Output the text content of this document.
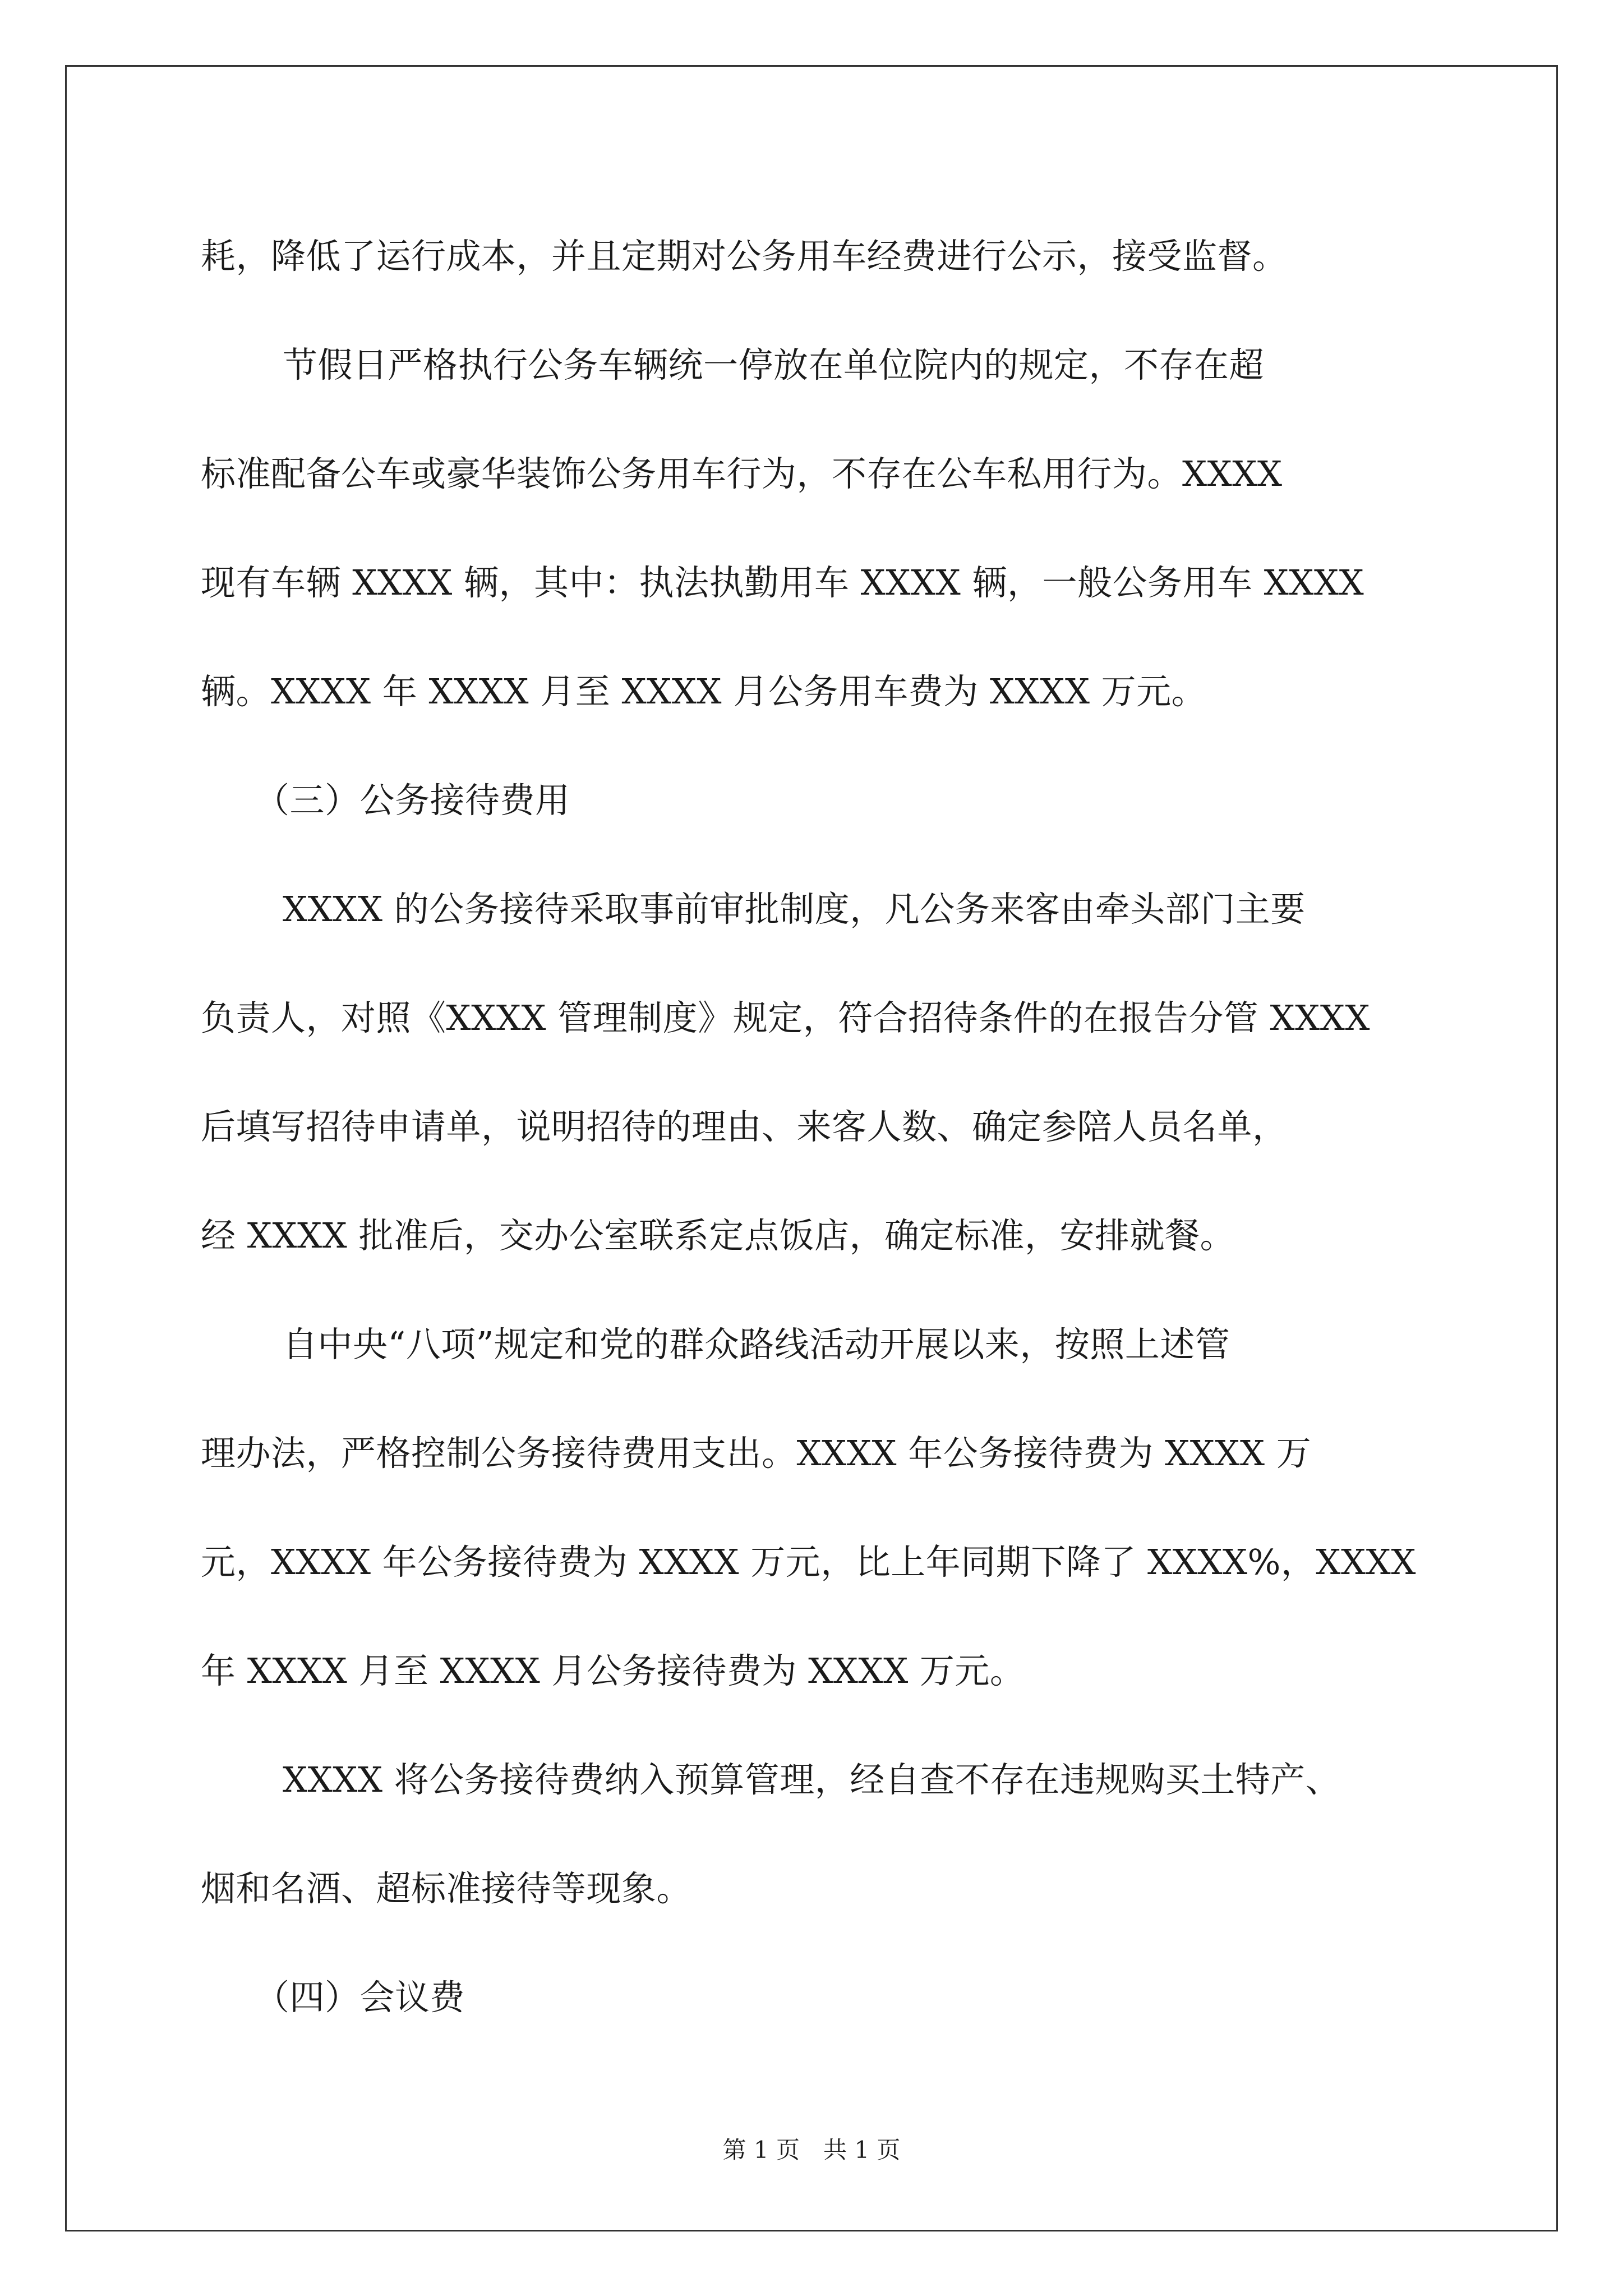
耗，降低了运行成本，并且定期对公务用车经费进行公示，接受监督。
节假日严格执行公务车辆统一停放在单位院内的规定，不存在超
标准配备公车或豪华装饰公务用车行为，不存在公车私用行为。XXXX
现有车辆 XXXX 辆，其中：执法执勤用车 XXXX 辆，一般公务用车 XXXX
辆。XXXX 年 XXXX 月至 XXXX 月公务用车费为 XXXX 万元。
（三）公务接待费用
XXXX 的公务接待采取事前审批制度，凡公务来客由牵头部门主要
负责人，对照《XXXX 管理制度》规定，符合招待条件的在报告分管 XXXX
后填写招待申请单，说明招待的理由、来客人数、确定参陪人员名单，
经 XXXX 批准后，交办公室联系定点饭店，确定标准，安排就餐。
自中央“八项”规定和党的群众路线活动开展以来，按照上述管
理办法，严格控制公务接待费用支出。XXXX 年公务接待费为 XXXX 万
元，XXXX 年公务接待费为 XXXX 万元，比上年同期下降了 XXXX%，XXXX
年 XXXX 月至 XXXX 月公务接待费为 XXXX 万元。
XXXX 将公务接待费纳入预算管理，经自查不存在违规购买土特产、
烟和名酒、超标准接待等现象。
（四）会议费
第 1 页　共 1 页
